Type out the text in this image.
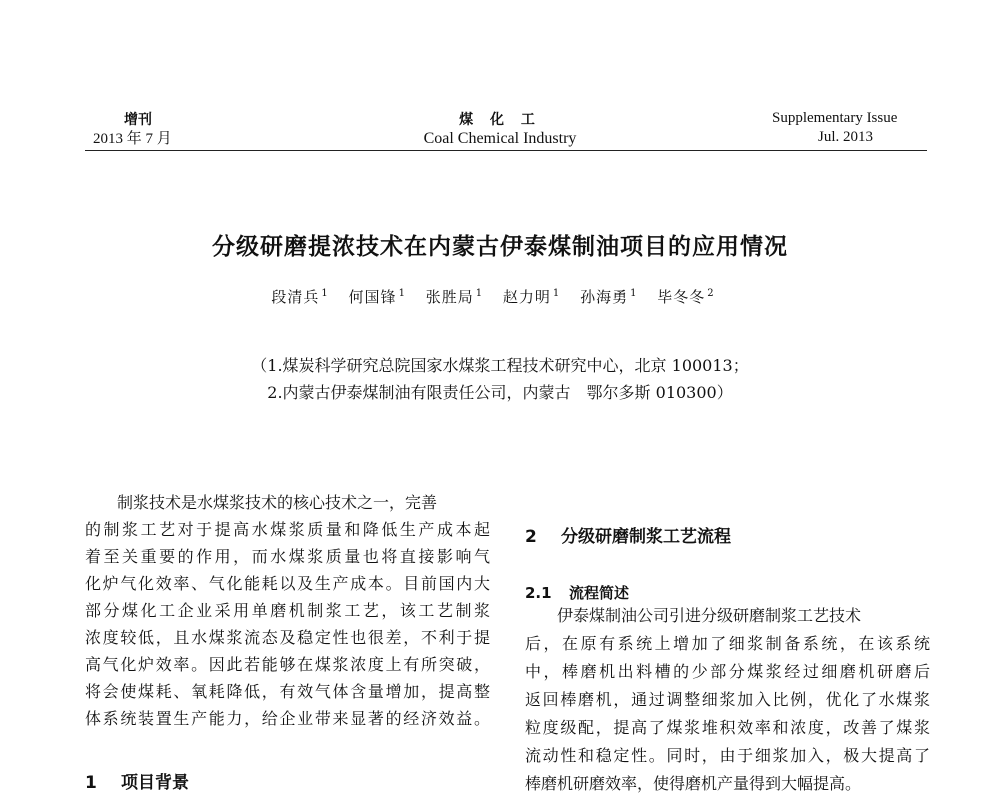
增刊
2013 年 7 月
煤 化 工
Coal Chemical Industry
Supplementary Issue
Jul. 2013
分级研磨提浓技术在内蒙古伊泰煤制油项目的应用情况
段清兵 $^1$ 何国锋 $^1$ 张胜局 $^1$ 赵力明 $^1$ 孙海勇 $^1$ 毕冬冬 $^2$
（1.煤炭科学研究总院国家水煤浆工程技术研究中心，北京 100013；
2.内蒙古伊泰煤制油有限责任公司，内蒙古　鄂尔多斯 010300）
制浆技术是水煤浆技术的核心技术之一，完善
的制浆工艺对于提高水煤浆质量和降低生产成本起
着至关重要的作用，而水煤浆质量也将直接影响气
化炉气化效率、气化能耗以及生产成本。目前国内大
部分煤化工企业采用单磨机制浆工艺，该工艺制浆
浓度较低，且水煤浆流态及稳定性也很差，不利于提
高气化炉效率。因此若能够在煤浆浓度上有所突破，
将会使煤耗、氧耗降低，有效气体含量增加，提高整
体系统装置生产能力，给企业带来显著的经济效益。
1 项目背景
2 分级研磨制浆工艺流程
2.1 流程简述
伊泰煤制油公司引进分级研磨制浆工艺技术
后，在原有系统上增加了细浆制备系统，在该系统
中，棒磨机出料槽的少部分煤浆经过细磨机研磨后
返回棒磨机，通过调整细浆加入比例，优化了水煤浆
粒度级配，提高了煤浆堆积效率和浓度，改善了煤浆
流动性和稳定性。同时，由于细浆加入，极大提高了
棒磨机研磨效率，使得磨机产量得到大幅提高。
